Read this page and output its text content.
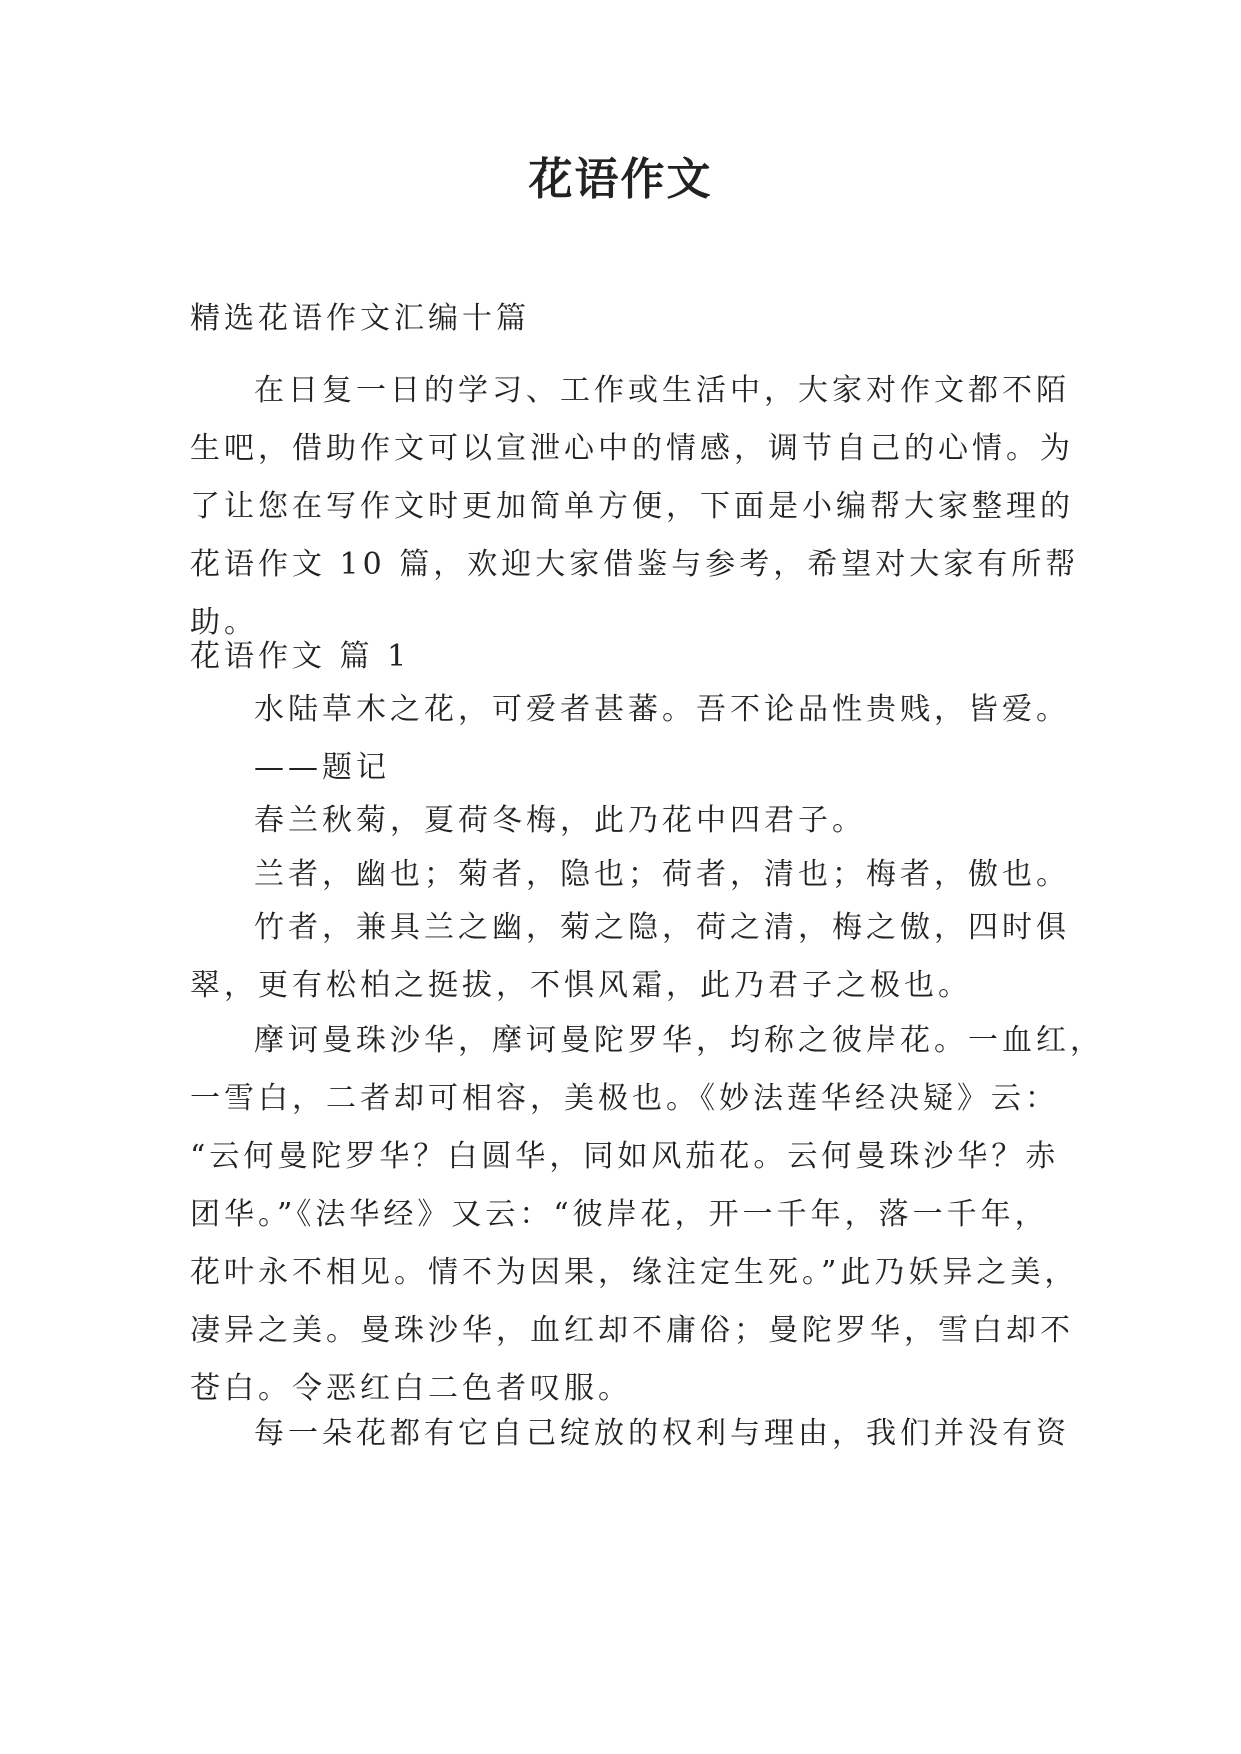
花语作文
精选花语作文汇编十篇
在日复一日的学习、工作或生活中，大家对作文都不陌
生吧，借助作文可以宣泄心中的情感，调节自己的心情。为
了让您在写作文时更加简单方便，下面是小编帮大家整理的
花语作文 10 篇，欢迎大家借鉴与参考，希望对大家有所帮
助。
花语作文 篇 1
水陆草木之花，可爱者甚蕃。吾不论品性贵贱，皆爱。
——题记
春兰秋菊，夏荷冬梅，此乃花中四君子。
兰者，幽也；菊者，隐也；荷者，清也；梅者，傲也。
竹者，兼具兰之幽，菊之隐，荷之清，梅之傲，四时俱
翠，更有松柏之挺拔，不惧风霜，此乃君子之极也。
摩诃曼珠沙华，摩诃曼陀罗华，均称之彼岸花。一血红，
一雪白，二者却可相容，美极也。《妙法莲华经决疑》云：
“云何曼陀罗华？白圆华，同如风茄花。云何曼珠沙华？赤
团华。”《法华经》又云：“彼岸花，开一千年，落一千年，
花叶永不相见。情不为因果，缘注定生死。”此乃妖异之美，
凄异之美。曼珠沙华，血红却不庸俗；曼陀罗华，雪白却不
苍白。令恶红白二色者叹服。
每一朵花都有它自己绽放的权利与理由，我们并没有资
